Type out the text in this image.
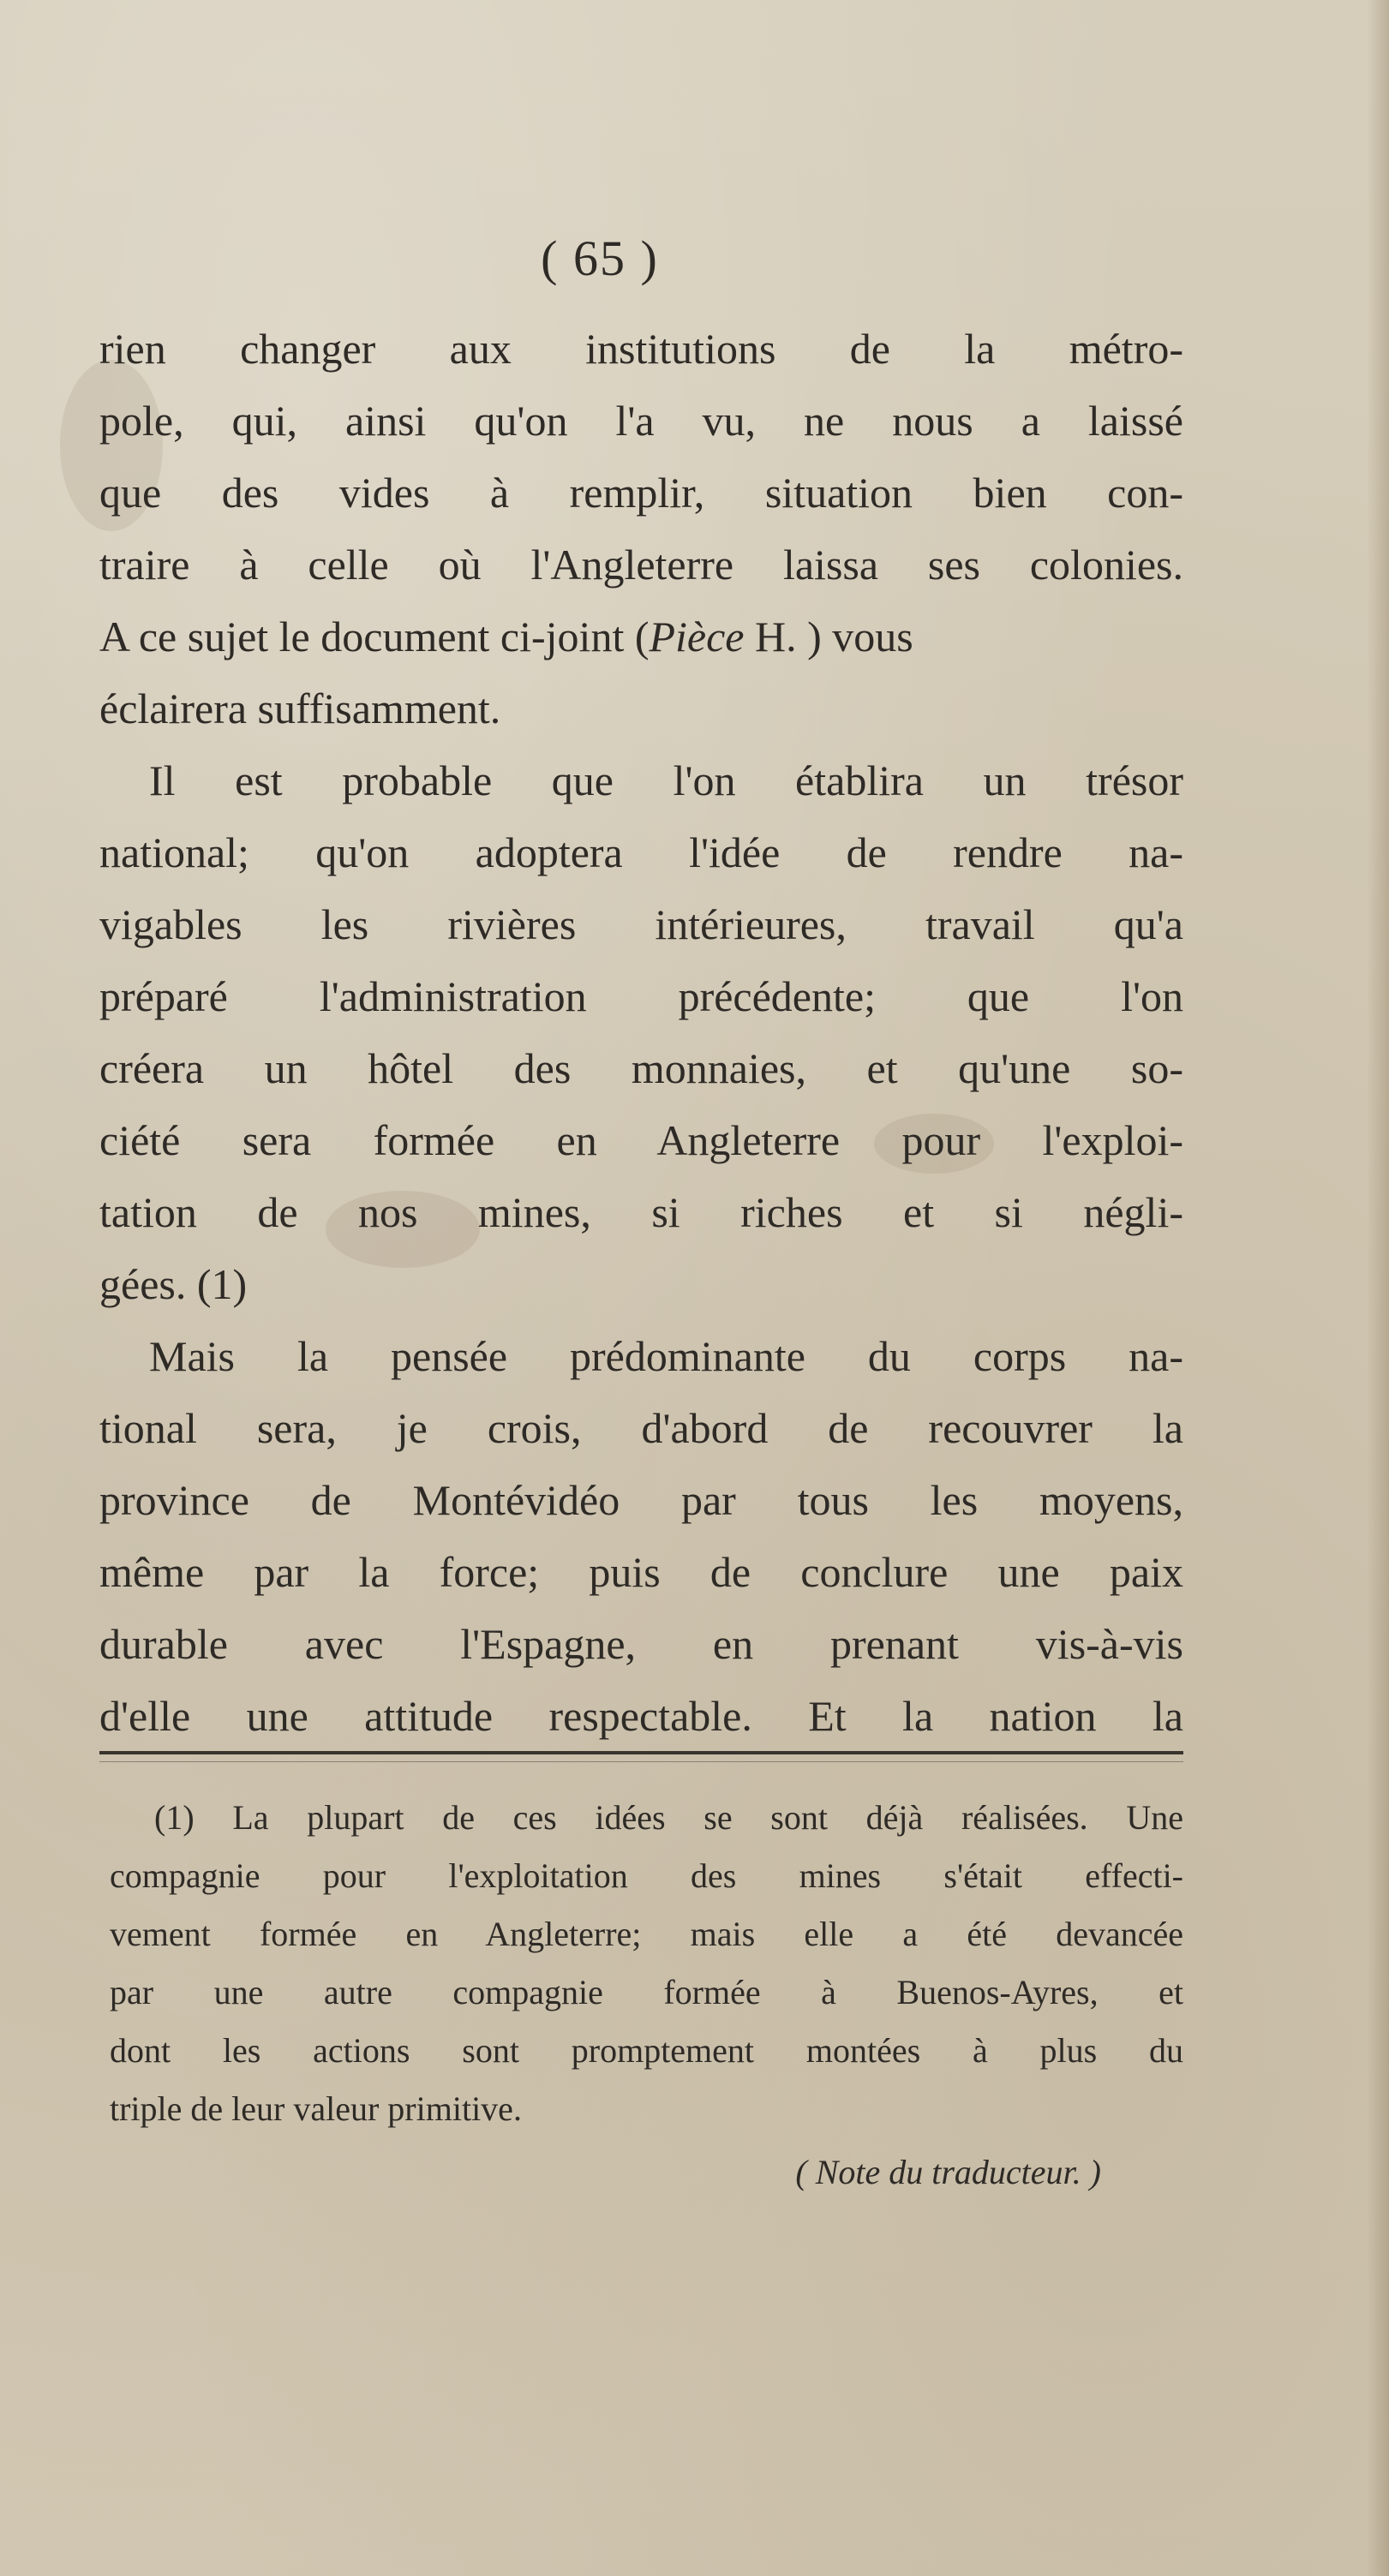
( 65 )
rien changer aux institutions de la métro-
pole, qui, ainsi qu'on l'a vu, ne nous a laissé
que des vides à remplir, situation bien con-
traire à celle où l'Angleterre laissa ses colonies.
A ce sujet le document ci-joint (Pièce H. ) vous
éclairera suffisamment.
Il est probable que l'on établira un trésor
national; qu'on adoptera l'idée de rendre na-
vigables les rivières intérieures, travail qu'a
préparé l'administration précédente; que l'on
créera un hôtel des monnaies, et qu'une so-
ciété sera formée en Angleterre pour l'exploi-
tation de nos mines, si riches et si négli-
gées. (1)
Mais la pensée prédominante du corps na-
tional sera, je crois, d'abord de recouvrer la
province de Montévidéo par tous les moyens,
même par la force; puis de conclure une paix
durable avec l'Espagne, en prenant vis-à-vis
d'elle une attitude respectable. Et la nation la
(1) La plupart de ces idées se sont déjà réalisées. Une
compagnie pour l'exploitation des mines s'était effecti-
vement formée en Angleterre; mais elle a été devancée
par une autre compagnie formée à Buenos-Ayres, et
dont les actions sont promptement montées à plus du
triple de leur valeur primitive.
( Note du traducteur. )
